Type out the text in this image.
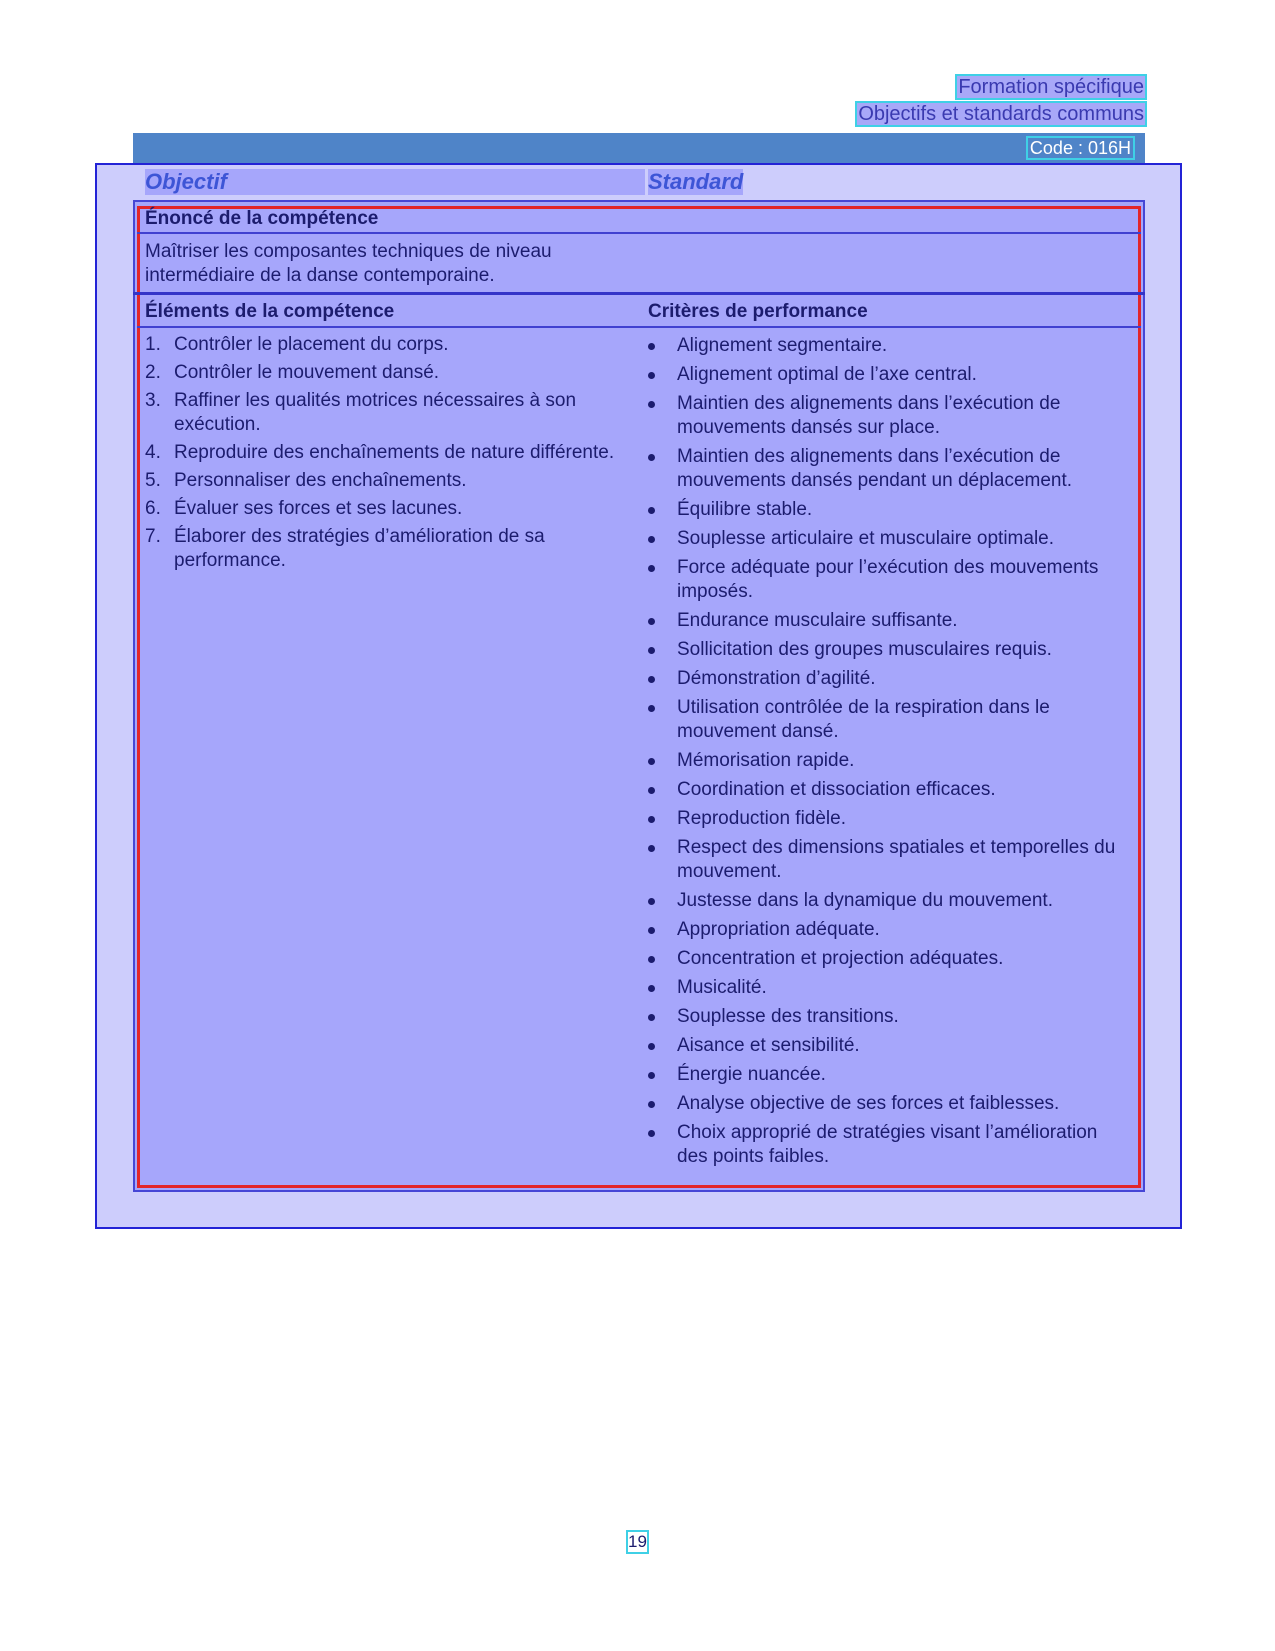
Formation spécifique
Objectifs et standards communs
Code : 016H
Objectif	Standard
Énoncé de la compétence
Maîtriser les composantes techniques de niveau intermédiaire de la danse contemporaine.
Éléments de la compétence	Critères de performance
1. Contrôler le placement du corps.
2. Contrôler le mouvement dansé.
3. Raffiner les qualités motrices nécessaires à son exécution.
4. Reproduire des enchaînements de nature différente.
5. Personnaliser des enchaînements.
6. Évaluer ses forces et ses lacunes.
7. Élaborer des stratégies d’amélioration de sa performance.
Alignement segmentaire.
Alignement optimal de l’axe central.
Maintien des alignements dans l’exécution de mouvements dansés sur place.
Maintien des alignements dans l’exécution de mouvements dansés pendant un déplacement.
Équilibre stable.
Souplesse articulaire et musculaire optimale.
Force adéquate pour l’exécution des mouvements imposés.
Endurance musculaire suffisante.
Sollicitation des groupes musculaires requis.
Démonstration d’agilité.
Utilisation contrôlée de la respiration dans le mouvement dansé.
Mémorisation rapide.
Coordination et dissociation efficaces.
Reproduction fidèle.
Respect des dimensions spatiales et temporelles du mouvement.
Justesse dans la dynamique du mouvement.
Appropriation adéquate.
Concentration et projection adéquates.
Musicalité.
Souplesse des transitions.
Aisance et sensibilité.
Énergie nuancée.
Analyse objective de ses forces et faiblesses.
Choix approprié de stratégies visant l’amélioration des points faibles.
19
